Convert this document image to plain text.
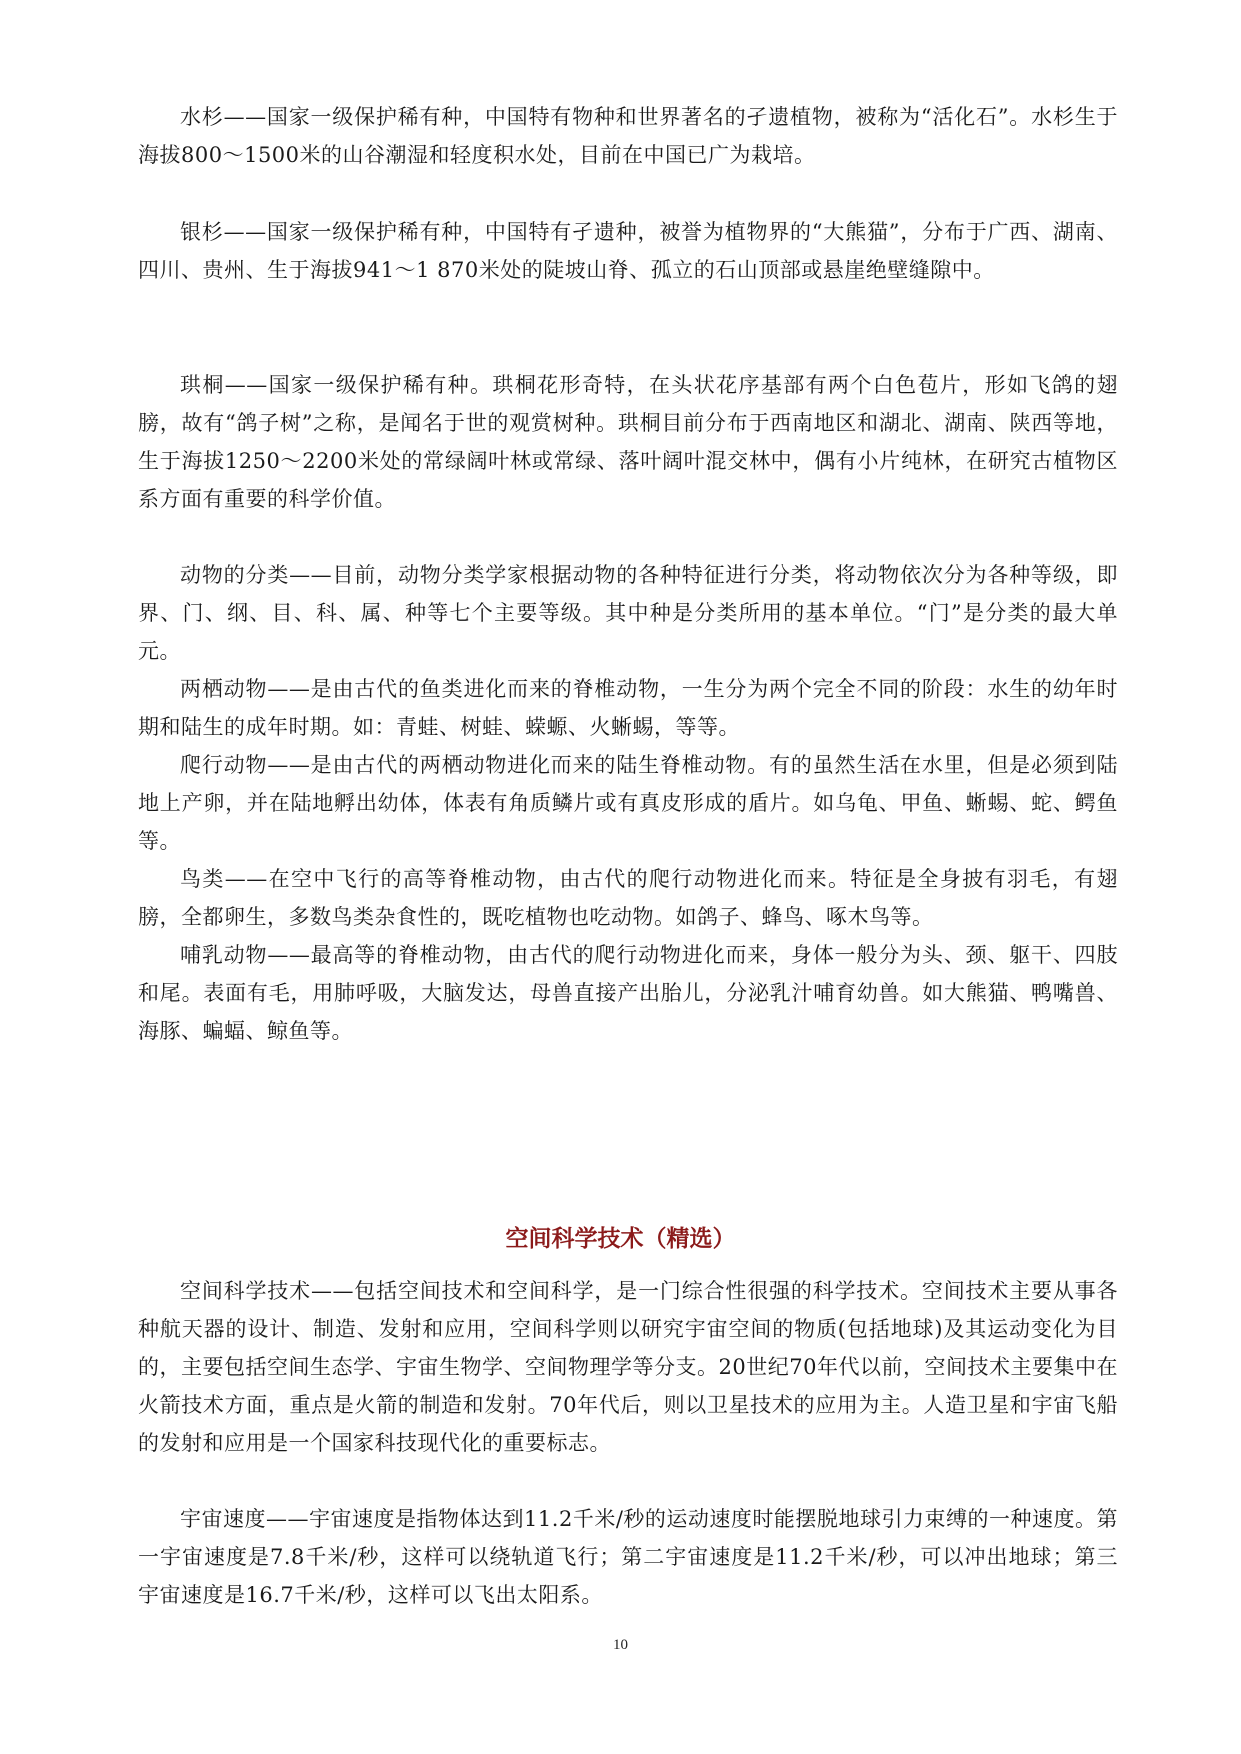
水杉——国家一级保护稀有种，中国特有物种和世界著名的孑遗植物，被称为“活化石”。水杉生于海拔800～1500米的山谷潮湿和轻度积水处，目前在中国已广为栽培。

银杉——国家一级保护稀有种，中国特有孑遗种，被誉为植物界的“大熊猫”，分布于广西、湖南、四川、贵州、生于海拔941～1 870米处的陡坡山脊、孤立的石山顶部或悬崖绝壁缝隙中。

珙桐——国家一级保护稀有种。珙桐花形奇特，在头状花序基部有两个白色苞片，形如飞鸽的翅膀，故有“鸽子树”之称，是闻名于世的观赏树种。珙桐目前分布于西南地区和湖北、湖南、陕西等地，生于海拔1250～2200米处的常绿阔叶林或常绿、落叶阔叶混交林中，偶有小片纯林，在研究古植物区系方面有重要的科学价值。

动物的分类——目前，动物分类学家根据动物的各种特征进行分类，将动物依次分为各种等级，即界、门、纲、目、科、属、种等七个主要等级。其中种是分类所用的基本单位。“门”是分类的最大单元。

两栖动物——是由古代的鱼类进化而来的脊椎动物，一生分为两个完全不同的阶段：水生的幼年时期和陆生的成年时期。如：青蛙、树蛙、蝾螈、火蜥蜴，等等。

爬行动物——是由古代的两栖动物进化而来的陆生脊椎动物。有的虽然生活在水里，但是必须到陆地上产卵，并在陆地孵出幼体，体表有角质鳞片或有真皮形成的盾片。如乌龟、甲鱼、蜥蜴、蛇、鳄鱼等。

鸟类——在空中飞行的高等脊椎动物，由古代的爬行动物进化而来。特征是全身披有羽毛，有翅膀，全都卵生，多数鸟类杂食性的，既吃植物也吃动物。如鸽子、蜂鸟、啄木鸟等。

哺乳动物——最高等的脊椎动物，由古代的爬行动物进化而来，身体一般分为头、颈、躯干、四肢和尾。表面有毛，用肺呼吸，大脑发达，母兽直接产出胎儿，分泌乳汁哺育幼兽。如大熊猫、鸭嘴兽、海豚、蝙蝠、鲸鱼等。

空间科学技术（精选）

空间科学技术——包括空间技术和空间科学，是一门综合性很强的科学技术。空间技术主要从事各种航天器的设计、制造、发射和应用，空间科学则以研究宇宙空间的物质(包括地球)及其运动变化为目的，主要包括空间生态学、宇宙生物学、空间物理学等分支。20世纪70年代以前，空间技术主要集中在火箭技术方面，重点是火箭的制造和发射。70年代后，则以卫星技术的应用为主。人造卫星和宇宙飞船的发射和应用是一个国家科技现代化的重要标志。

宇宙速度——宇宙速度是指物体达到11.2千米/秒的运动速度时能摆脱地球引力束缚的一种速度。第一宇宙速度是7.8千米/秒，这样可以绕轨道飞行；第二宇宙速度是11.2千米/秒，可以冲出地球；第三宇宙速度是16.7千米/秒，这样可以飞出太阳系。

10
